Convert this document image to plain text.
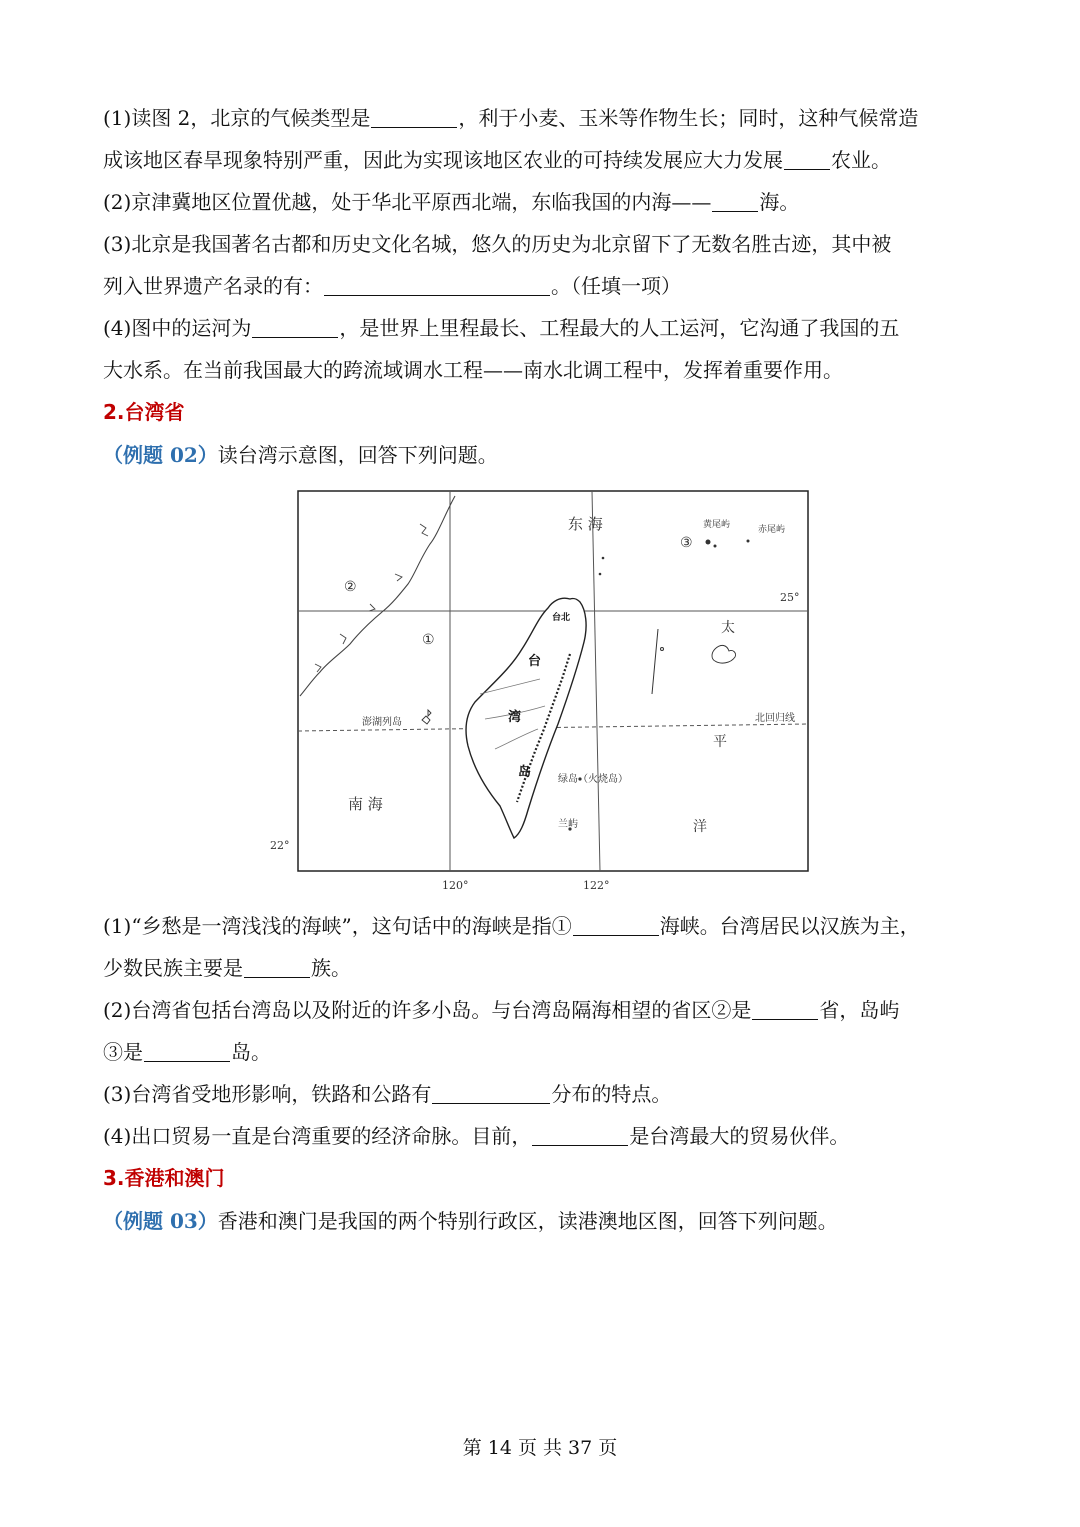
(1)读图 2，北京的气候类型是	，利于小麦、玉米等作物生长；同时，这种气候常造
成该地区春旱现象特别严重，因此为实现该地区农业的可持续发展应大力发展 农业。
(2)京津冀地区位置优越，处于华北平原西北端，东临我国的内海—— 海。
(3)北京是我国著名古都和历史文化名城，悠久的历史为北京留下了无数名胜古迹，其中被
列入世界遗产名录的有：	。（任填一项）
(4)图中的运河为	，是世界上里程最长、工程最大的人工运河，它沟通了我国的五
大水系。在当前我国最大的跨流域调水工程——南水北调工程中，发挥着重要作用。
2.台湾省
（例题 02）读台湾示意图，回答下列问题。
东 海	黄尾屿	赤尾屿
③
②
①
25°
台北
太
台
湾
岛
澎湖列岛	北回归线
平
绿岛（火烧岛）
南 海
兰屿	洋
22°
120°	122°
(1)“乡愁是一湾浅浅的海峡”，这句话中的海峡是指①	海峡。台湾居民以汉族为主，
少数民族主要是	族。
(2)台湾省包括台湾岛以及附近的许多小岛。与台湾岛隔海相望的省区②是	省，岛屿
③是	岛。
(3)台湾省受地形影响，铁路和公路有	分布的特点。
(4)出口贸易一直是台湾重要的经济命脉。目前，	是台湾最大的贸易伙伴。
3.香港和澳门
（例题 03）香港和澳门是我国的两个特别行政区，读港澳地区图，回答下列问题。
第 14 页 共 37 页
